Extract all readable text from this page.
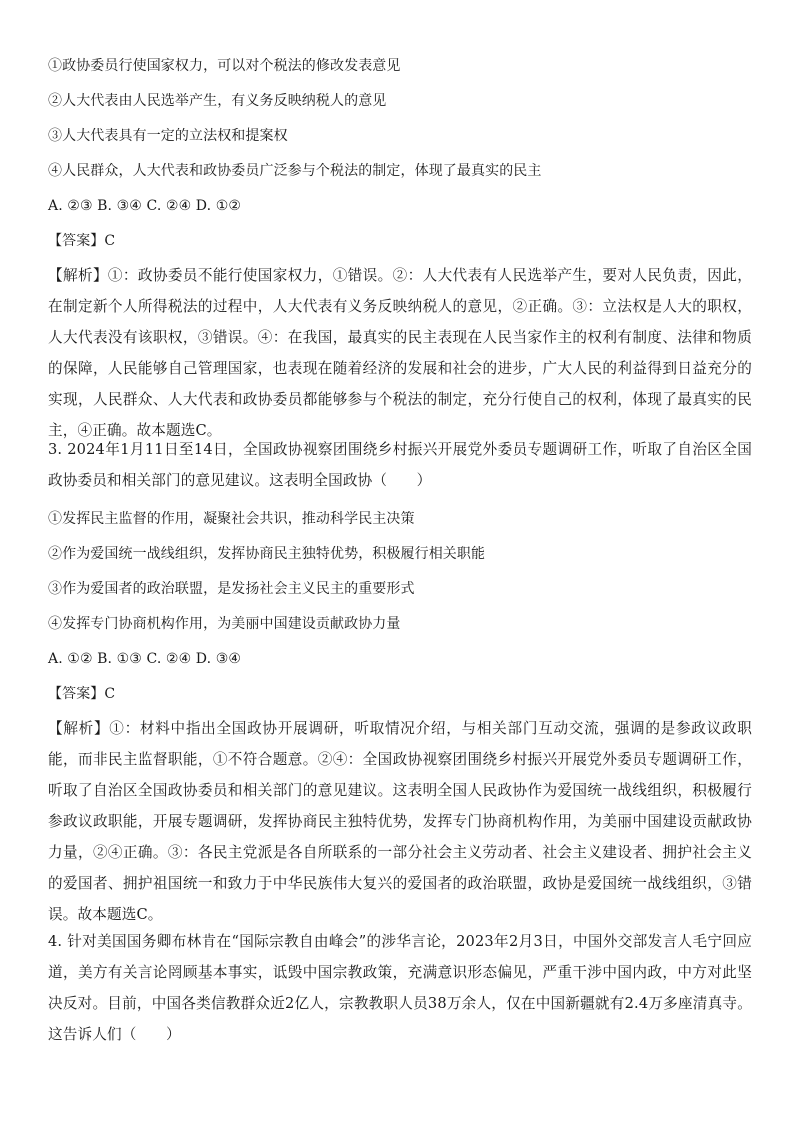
①政协委员行使国家权力，可以对个税法的修改发表意见
②人大代表由人民选举产生，有义务反映纳税人的意见
③人大代表具有一定的立法权和提案权
④人民群众，人大代表和政协委员广泛参与个税法的制定，体现了最真实的民主
A. ②③ B. ③④ C. ②④ D. ①②
【答案】C
【解析】①：政协委员不能行使国家权力，①错误。②：人大代表有人民选举产生，要对人民负责，因此，在制定新个人所得税法的过程中，人大代表有义务反映纳税人的意见，②正确。③：立法权是人大的职权，人大代表没有该职权，③错误。④：在我国，最真实的民主表现在人民当家作主的权利有制度、法律和物质的保障，人民能够自己管理国家，也表现在随着经济的发展和社会的进步，广大人民的利益得到日益充分的实现，人民群众、人大代表和政协委员都能够参与个税法的制定，充分行使自己的权利，体现了最真实的民主，④正确。故本题选C。
3. 2024年1月11日至14日，全国政协视察团围绕乡村振兴开展党外委员专题调研工作，听取了自治区全国政协委员和相关部门的意见建议。这表明全国政协（　　）
①发挥民主监督的作用，凝聚社会共识，推动科学民主决策
②作为爱国统一战线组织，发挥协商民主独特优势，积极履行相关职能
③作为爱国者的政治联盟，是发扬社会主义民主的重要形式
④发挥专门协商机构作用，为美丽中国建设贡献政协力量
A. ①② B. ①③ C. ②④ D. ③④
【答案】C
【解析】①：材料中指出全国政协开展调研，听取情况介绍，与相关部门互动交流，强调的是参政议政职能，而非民主监督职能，①不符合题意。②④：全国政协视察团围绕乡村振兴开展党外委员专题调研工作，听取了自治区全国政协委员和相关部门的意见建议。这表明全国人民政协作为爱国统一战线组织，积极履行参政议政职能，开展专题调研，发挥协商民主独特优势，发挥专门协商机构作用，为美丽中国建设贡献政协力量，②④正确。③：各民主党派是各自所联系的一部分社会主义劳动者、社会主义建设者、拥护社会主义的爱国者、拥护祖国统一和致力于中华民族伟大复兴的爱国者的政治联盟，政协是爱国统一战线组织，③错误。故本题选C。
4. 针对美国国务卿布林肯在“国际宗教自由峰会”的涉华言论，2023年2月3日，中国外交部发言人毛宁回应道，美方有关言论罔顾基本事实，诋毁中国宗教政策，充满意识形态偏见，严重干涉中国内政，中方对此坚决反对。目前，中国各类信教群众近2亿人，宗教教职人员38万余人，仅在中国新疆就有2.4万多座清真寺。这告诉人们（　　）
